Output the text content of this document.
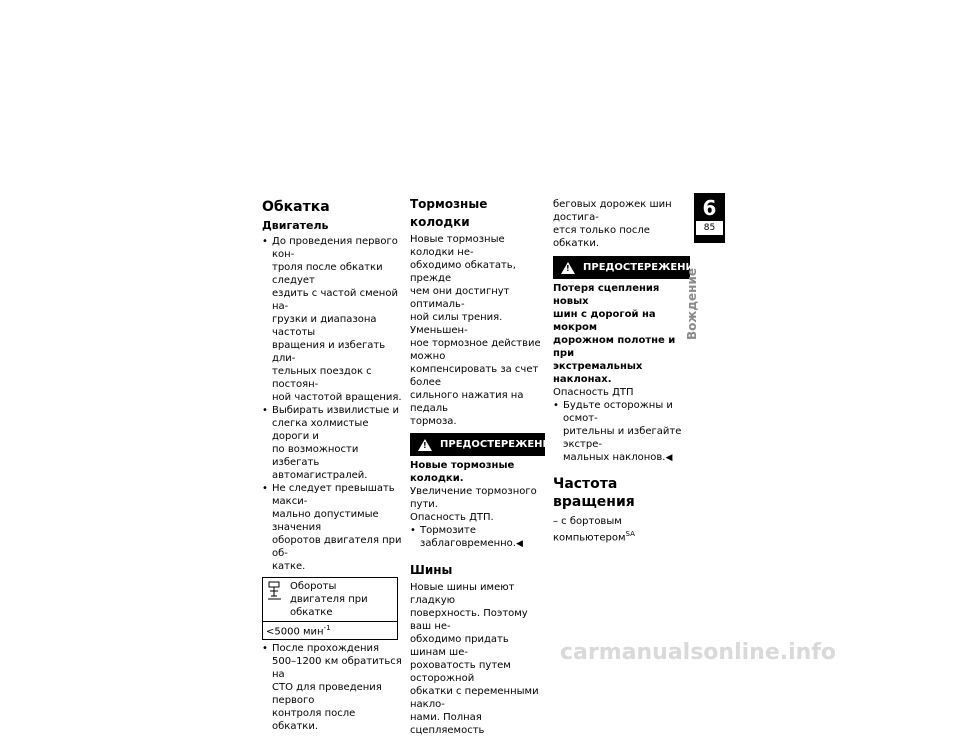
Обкатка
Двигатель
• До проведения первого кон-
троля после обкатки следует
ездить с частой сменой на-
грузки и диапазона частоты
вращения и избегать дли-
тельных поездок с постоян-
ной частотой вращения.
• Выбирать извилистые и
слегка холмистые дороги и
по возможности избегать
автомагистралей.
• Не следует превышать макси-
мально допустимые значения
оборотов двигателя при об-
катке.
Обороты двигателя при
обкатке

<5000 мин$^{-1}$
• После прохождения
500–1200 км обратиться на
СТО для проведения первого
контроля после обкатки.
Тормозные колодки

Новые тормозные колодки не-
обходимо обкатать, прежде
чем они достигнут оптималь-
ной силы трения. Уменьшен-
ное тормозное действие можно
компенсировать за счет более
сильного нажатия на педаль
тормоза.

! ПРЕДОСТЕРЕЖЕНИЕ
Новые тормозные колодки.

Увеличение тормозного пути.
Опасность ДТП.

• Тормозите
заблаговременно.◀
Шины

Новые шины имеют гладкую
поверхность. Поэтому ваш не-
обходимо придать шинам ше-
роховатость путем осторожной
обкатки с переменными накло-
нами. Полная сцепляемость

беговых дорожек шин достига-
ется только после обкатки.

! ПРЕДОСТЕРЕЖЕНИЕ
Потеря сцепления новых
шин с дорогой на мокром
дорожном полотне и при
экстремальных наклонах.

Опасность ДТП

• Будьте осторожны и осмот-
рительны и избегайте экстре-
мальных наклонов.◀
Частота вращения

– с бортовым компьютером$^{SA}$

6
85
Вождение
carmanualsonline.info
